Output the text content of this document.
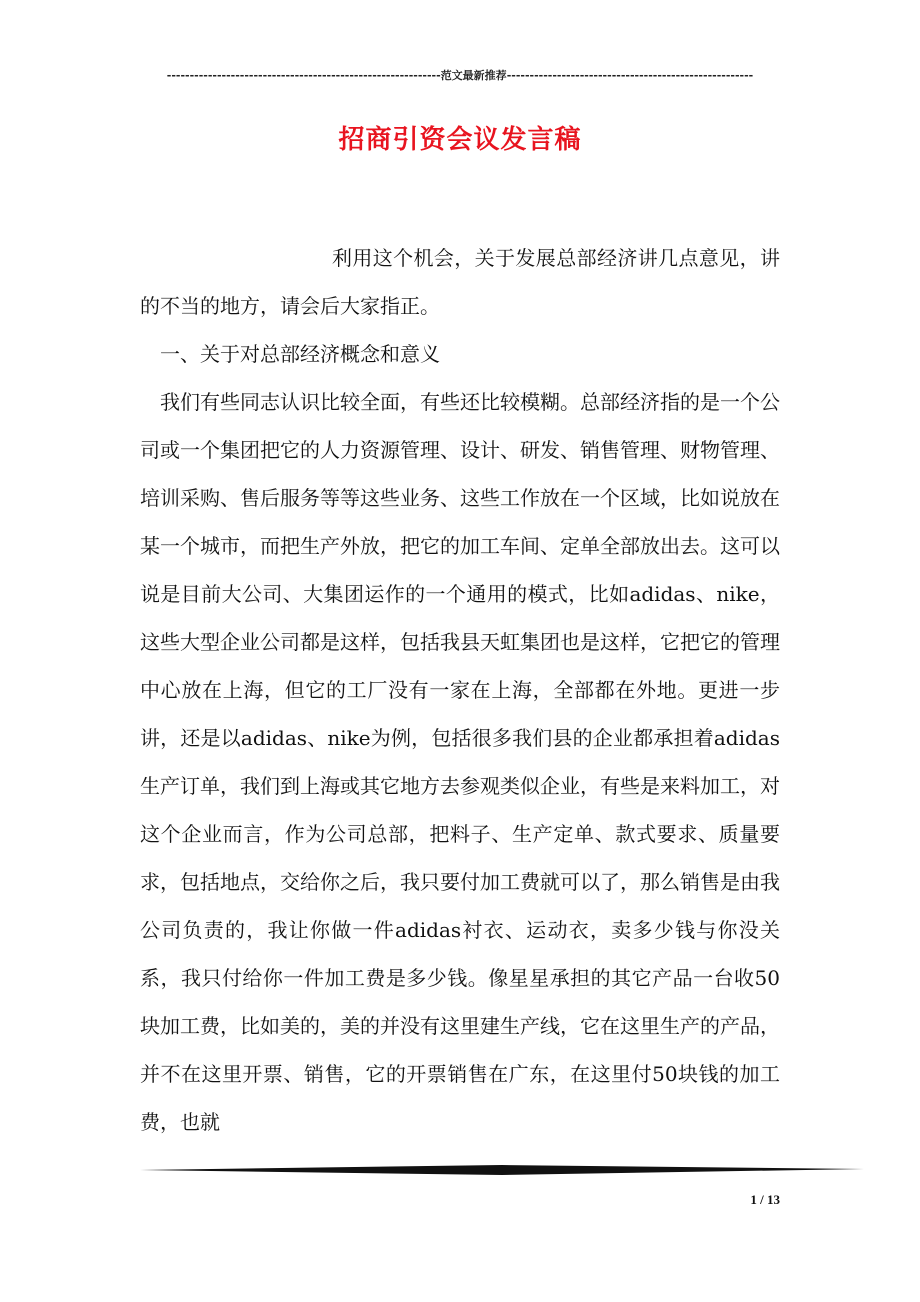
------------------------------------------------------------范文最新推荐------------------------------------------------------
招商引资会议发言稿

利用这个机会，关于发展总部经济讲几点意见，讲的不当的地方，请会后大家指正。

一、关于对总部经济概念和意义

我们有些同志认识比较全面，有些还比较模糊。总部经济指的是一个公司或一个集团把它的人力资源管理、设计、研发、销售管理、财物管理、培训采购、售后服务等等这些业务、这些工作放在一个区域，比如说放在某一个城市，而把生产外放，把它的加工车间、定单全部放出去。这可以说是目前大公司、大集团运作的一个通用的模式，比如adidas、nike，这些大型企业公司都是这样，包括我县天虹集团也是这样，它把它的管理中心放在上海，但它的工厂没有一家在上海，全部都在外地。更进一步讲，还是以adidas、nike为例，包括很多我们县的企业都承担着adidas生产订单，我们到上海或其它地方去参观类似企业，有些是来料加工，对这个企业而言，作为公司总部，把料子、生产定单、款式要求、质量要求，包括地点，交给你之后，我只要付加工费就可以了，那么销售是由我公司负责的，我让你做一件adidas衬衣、运动衣，卖多少钱与你没关系，我只付给你一件加工费是多少钱。像星星承担的其它产品一台收50块加工费，比如美的，美的并没有这里建生产线，它在这里生产的产品，并不在这里开票、销售，它的开票销售在广东，在这里付50块钱的加工费，也就

1 / 13
